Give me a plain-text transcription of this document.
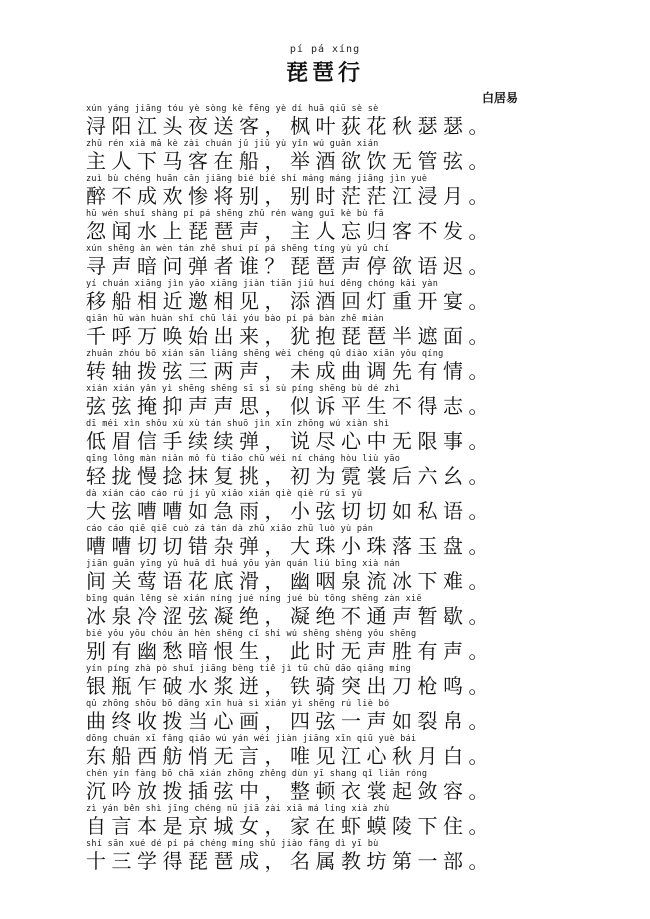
pí pá xíng
琵琶行
白居易
xún yáng jiāng tóu yè sòng kè fēng yè dí huā qiū sè sè
浔阳江头夜送客，枫叶荻花秋瑟瑟。
zhǔ rén xià mǎ kè zài chuán jǔ jiǔ yù yǐn wú guǎn xián
主人下马客在船，举酒欲饮无管弦。
zuì bù chéng huān cǎn jiāng bié bié shí máng máng jiāng jìn yuè
醉不成欢惨将别，别时茫茫江浸月。
hū wén shuǐ shàng pí pá shēng zhǔ rén wàng guī kè bù fā
忽闻水上琵琶声，主人忘归客不发。
xún shēng àn wèn tán zhě shuí pí pá shēng tíng yù yǔ chí
寻声暗问弹者谁？琵琶声停欲语迟。
yí chuán xiāng jìn yāo xiāng jiàn tiān jiǔ huí dēng chóng kāi yàn
移船相近邀相见，添酒回灯重开宴。
qiān hū wàn huàn shǐ chū lái yóu bào pí pá bàn zhē miàn
千呼万唤始出来，犹抱琵琶半遮面。
zhuǎn zhóu bō xián sān liǎng shēng wèi chéng qǔ diào xiān yǒu qíng
转轴拨弦三两声，未成曲调先有情。
xián xián yǎn yì shēng shēng sī sì sù píng shēng bù dé zhì
弦弦掩抑声声思，似诉平生不得志。
dī méi xìn shǒu xù xù tán shuō jìn xīn zhōng wú xiàn shì
低眉信手续续弹，说尽心中无限事。
qīng lǒng màn niǎn mǒ fù tiǎo chū wéi ní cháng hòu liù yāo
轻拢慢捻抹复挑，初为霓裳后六幺。
dà xián cáo cáo rú jí yǔ xiǎo xián qiè qiè rú sī yǔ
大弦嘈嘈如急雨，小弦切切如私语。
cáo cáo qiē qiē cuò zá tán dà zhū xiǎo zhū luò yù pán
嘈嘈切切错杂弹，大珠小珠落玉盘。
jiān guān yīng yǔ huā dǐ huá yōu yàn quán liú bīng xià nán
间关莺语花底滑，幽咽泉流冰下难。
bīng quán lěng sè xián níng jué níng jué bù tōng shēng zàn xiē
冰泉冷涩弦凝绝，凝绝不通声暂歇。
bié yǒu yōu chóu àn hèn shēng cǐ shí wú shēng shèng yǒu shēng
别有幽愁暗恨生，此时无声胜有声。
yín píng zhà pò shuǐ jiāng bèng tiě jì tū chū dāo qiāng míng
银瓶乍破水浆迸，铁骑突出刀枪鸣。
qǔ zhōng shōu bō dāng xīn huà sì xián yì shēng rú liè bó
曲终收拨当心画，四弦一声如裂帛。
dōng chuán xī fǎng qiǎo wú yán wéi jiàn jiāng xīn qiū yuè bái
东船西舫悄无言，唯见江心秋月白。
chén yín fàng bō chā xián zhōng zhěng dùn yī shang qǐ liǎn róng
沉吟放拨插弦中，整顿衣裳起敛容。
zì yán běn shì jīng chéng nǚ jiā zài xiā má líng xià zhù
自言本是京城女，家在虾蟆陵下住。
shí sān xué dé pí pá chéng míng shǔ jiào fāng dì yī bù
十三学得琵琶成，名属教坊第一部。
